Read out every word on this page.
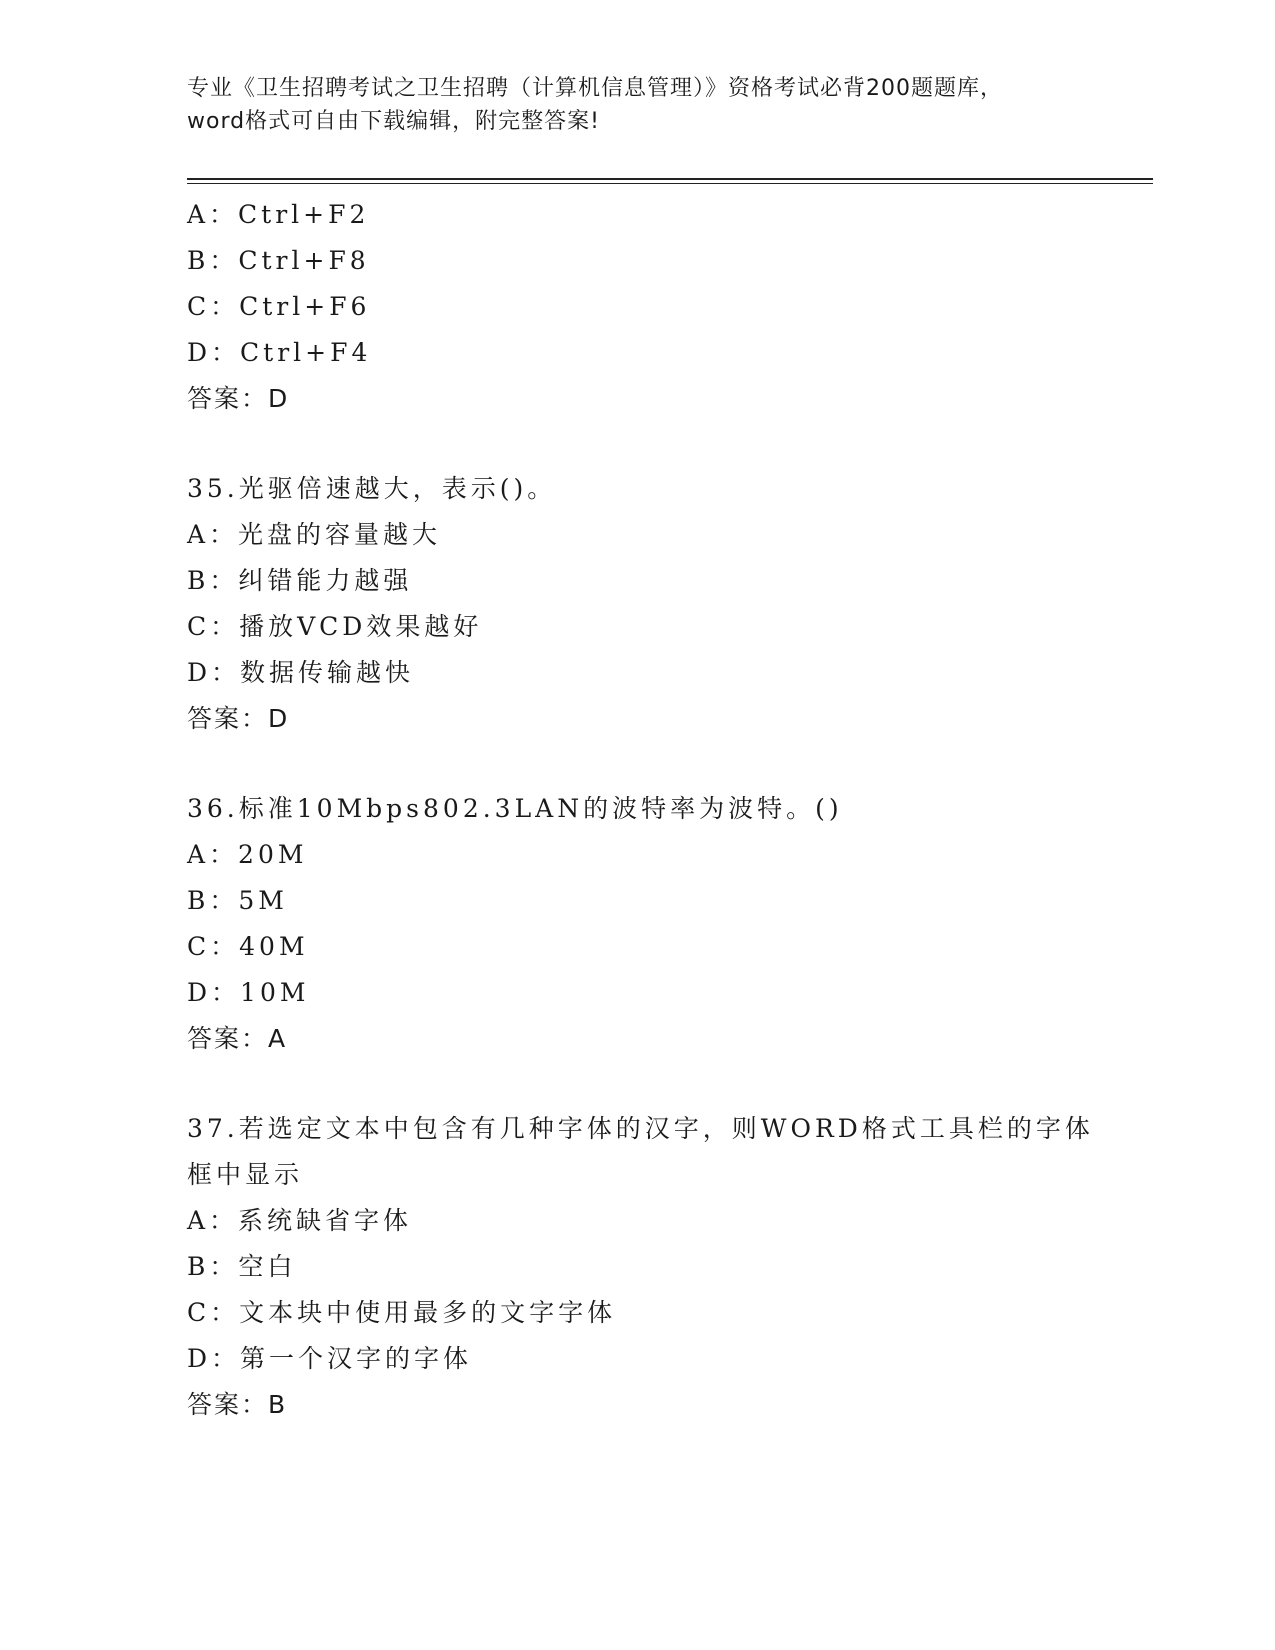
专业《卫生招聘考试之卫生招聘（计算机信息管理）》资格考试必背200题题库，

word格式可自由下载编辑，附完整答案!

A：Ctrl+F2

B：Ctrl+F8

C：Ctrl+F6

D：Ctrl+F4

答案：D

35.光驱倍速越大，表示()。

A：光盘的容量越大

B：纠错能力越强

C：播放VCD效果越好

D：数据传输越快

答案：D

36.标准10Mbps802.3LAN的波特率为波特。()

A：20M

B：5M

C：40M

D：10M

答案：A

37.若选定文本中包含有几种字体的汉字，则WORD格式工具栏的字体

框中显示

A：系统缺省字体

B：空白

C：文本块中使用最多的文字字体

D：第一个汉字的字体

答案：B
